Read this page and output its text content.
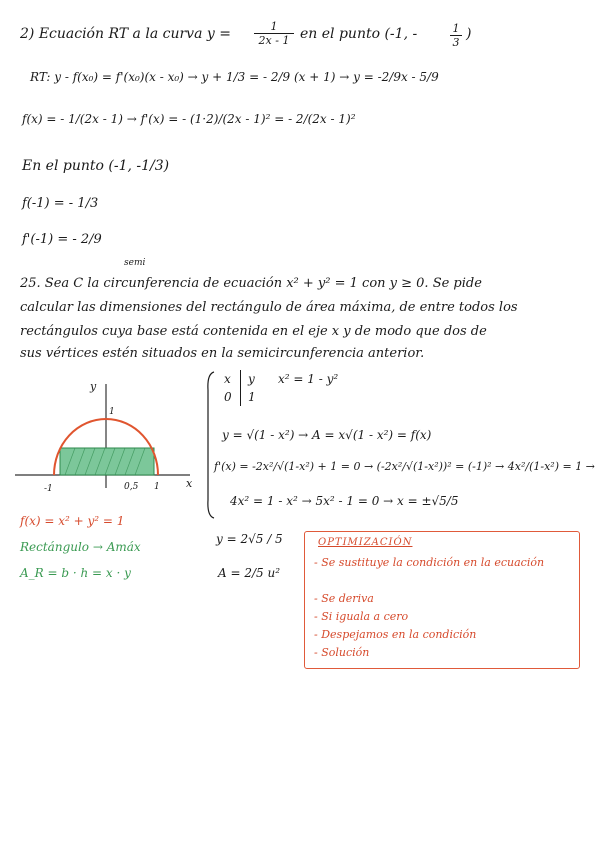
2) Ecuación RT a la curva $y = \frac{1}{2x - 1}$ en el punto (-1, -	$\frac{1}{3}$ )
RT: y - f(x₀) = f'(x₀)(x - x₀) → y + 1/3 = - 2/9 (x + 1) → y = -2/9x - 5/9
f(x) = - 1/(2x - 1) → f'(x) = - (1·2)/(2x - 1)² = - 2/(2x - 1)²
En el punto (-1, -1/3)
f(-1) = - 1/3
f'(-1) = - 2/9
semi
25. Sea C la circunferencia de ecuación x² + y² = 1 con y ≥ 0. Se pide
calcular las dimensiones del rectángulo de área máxima, de entre todos los
rectángulos cuya base está contenida en el eje x y de modo que dos de
sus vértices estén situados en la semicircunferencia anterior.
y
1
-1	0,5 1 x
f(x) = x² + y² = 1
Rectángulo → Amáx
A_R = b · h = x · y
x y
0 1
x² = 1 - y²
y = √(1 - x²) → A = x√(1 - x²) = f(x)
f'(x) = -2x²/√(1-x²) + 1 = 0 → (-2x²/√(1-x²))² = (-1)² → 4x²/(1-x²) = 1 →
4x² = 1 - x² → 5x² - 1 = 0 → x = ±√5/5
y = 2√5 / 5
A = 2/5 u²
OPTIMIZACIÓN
- Se sustituye la condición en la ecuación
- Se deriva
- Si iguala a cero
- Despejamos en la condición
- Solución
